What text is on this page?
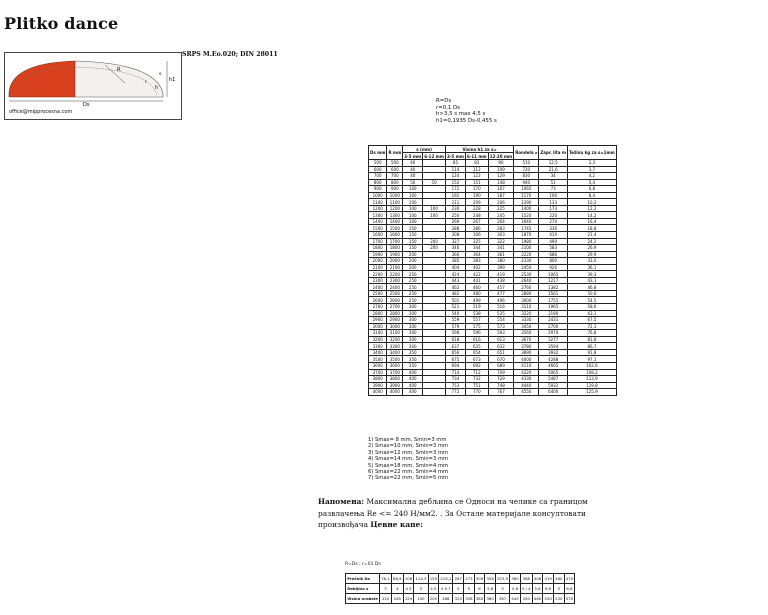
Plitko dance
Ds
R
h1
h
r
s
office@mipprocesna.com
SRPS M.Eo.020; DIN 28011
R=Ds
r=0,1 Ds
h>3,5 s max 4,5 s
h1=0,1935 Ds-0,455 s
Ds mm	R mm	s (mm)		Visina h1 za s=			Rondela ⌀	Zapr. lita m	Težina kg za s=1mm
		3-5 mm	6-12 mm	3-5 mm	6-11 mm	12-20 mm			
500	500	40		85	83	80	510	12,5	2,3
600	600	40		114	112	109	720	21,6	3,7
700	700	40		124	122	129	830	34	4,2
800	800	50	50	152	151	148	940	51	5,4
900	900	100		172	170	167	1065	73	6,8
1000	1000	100		192	190	187	1170	100	8,4
1100	1100	100		211	209	206	1290	133	10,2
1200	1200	100	100	230	228	225	1400	173	12,2
1300	1300	100	100	250	248	245	1520	220	14,2
1400	1400	100		269	267	264	1640	274	16,4
1500	1500	150		288	286	283	1745	336	18,8
1600	1600	150		308	306	303	1870	410	21,4
1700	1700	150	200	327	325	322	1980	490	24,2
1800	1800	150	200	346	344	341	2100	583	26,9
1900	1900	200		366	364	361	2220	686	29,9
2000	2000	200		385	383	380	2330	800	33,0
2100	2100	200		404	402	399	2450	926	36,1
2200	2200	250		424	422	419	2530	1065	39,3
2300	2300	250		443	441	438	2640	1217	43,1
2400	2400	250		462	460	457	2760	1382	46,8
2500	2500	250		482	480	477	2880	1561	50,6
2600	2600	250		501	499	496	3000	1755	54,5
2700	2700	300		521	519	516	3110	1965	58,6
2800	2800	300		540	538	535	3220	2190	63,1
2900	2900	300		559	557	554	3330	2431	67,5
3000	3000	300		579	575	573	3450	2700	72,1
3100	3100	300		598	596	593	3560	2970	76,8
3200	3200	300		618	616	613	3670	3277	81,8
3300	3300	300		637	635	632	3780	3594	86,7
3400	3400	350		656	654	651	3890	3932	91,8
3500	3500	350		675	673	670	4000	4288	97,1
3600	3600	350		694	692	689	4110	4665	102,6
3700	3700	400		714	712	709	4220	5065	108,2
3800	3800	400		734	732	729	4330	5487	113,9
3900	3900	400		753	751	748	4440	5932	119,8
4000	4000	400		772	770	767	4550	6400	125,9
1) Smax= 8 mm, Smin=3 mm
2) Smax=10 mm, Smin=3 mm
3) Smax=12 mm, Smin=3 mm
4) Smax=14 mm, Smin=3 mm
5) Smax=18 mm, Smin=4 mm
6) Smax=22 mm, Smin=4 mm
7) Smax=22 mm, Smin=5 mm
Напомена: Максимална дебљина се Односи на челике са границом развлачења Re <= 240 Н/мм2. . За Остале материјале консултовати произвођача Цевне капе:
R=Ds ; r=01 Ds
Prečnik Ds	76,1	88,9	108	114,3	159	219,1	267	273	309	356	323,9	360	368	406	419	460	470
Debljina s	3	4	4 5	3	4 5	4 5 7	5	5	6	5,6	5	5,6	5 / 4	5,6	6,6	5	6,6
Visina nrabele	110	165	129	150	205	268	320	358	380	380	367	445	450	480	520	530	570
